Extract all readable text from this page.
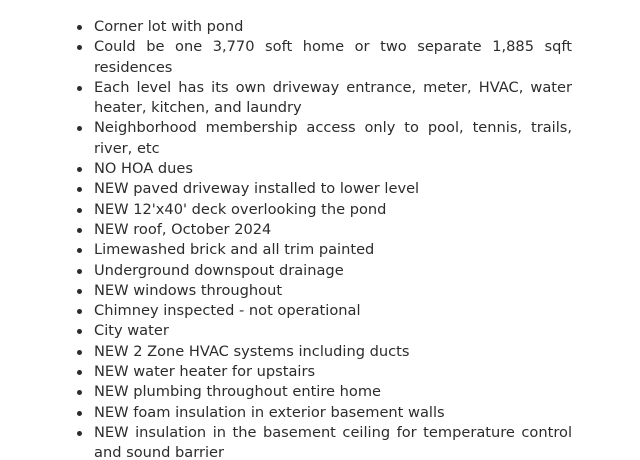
Corner lot with pond
Could be one 3,770 soft home or two separate 1,885 sqft residences
Each level has its own driveway entrance, meter, HVAC, water heater, kitchen, and laundry
Neighborhood membership access only to pool, tennis, trails, river, etc
NO HOA dues
NEW paved driveway installed to lower level
NEW 12'x40' deck overlooking the pond
NEW roof, October 2024
Limewashed brick and all trim painted
Underground downspout drainage
NEW windows throughout
Chimney inspected - not operational
City water
NEW 2 Zone HVAC systems including ducts
NEW water heater for upstairs
NEW plumbing throughout entire home
NEW foam insulation in exterior basement walls
NEW insulation in the basement ceiling for temperature control and sound barrier
